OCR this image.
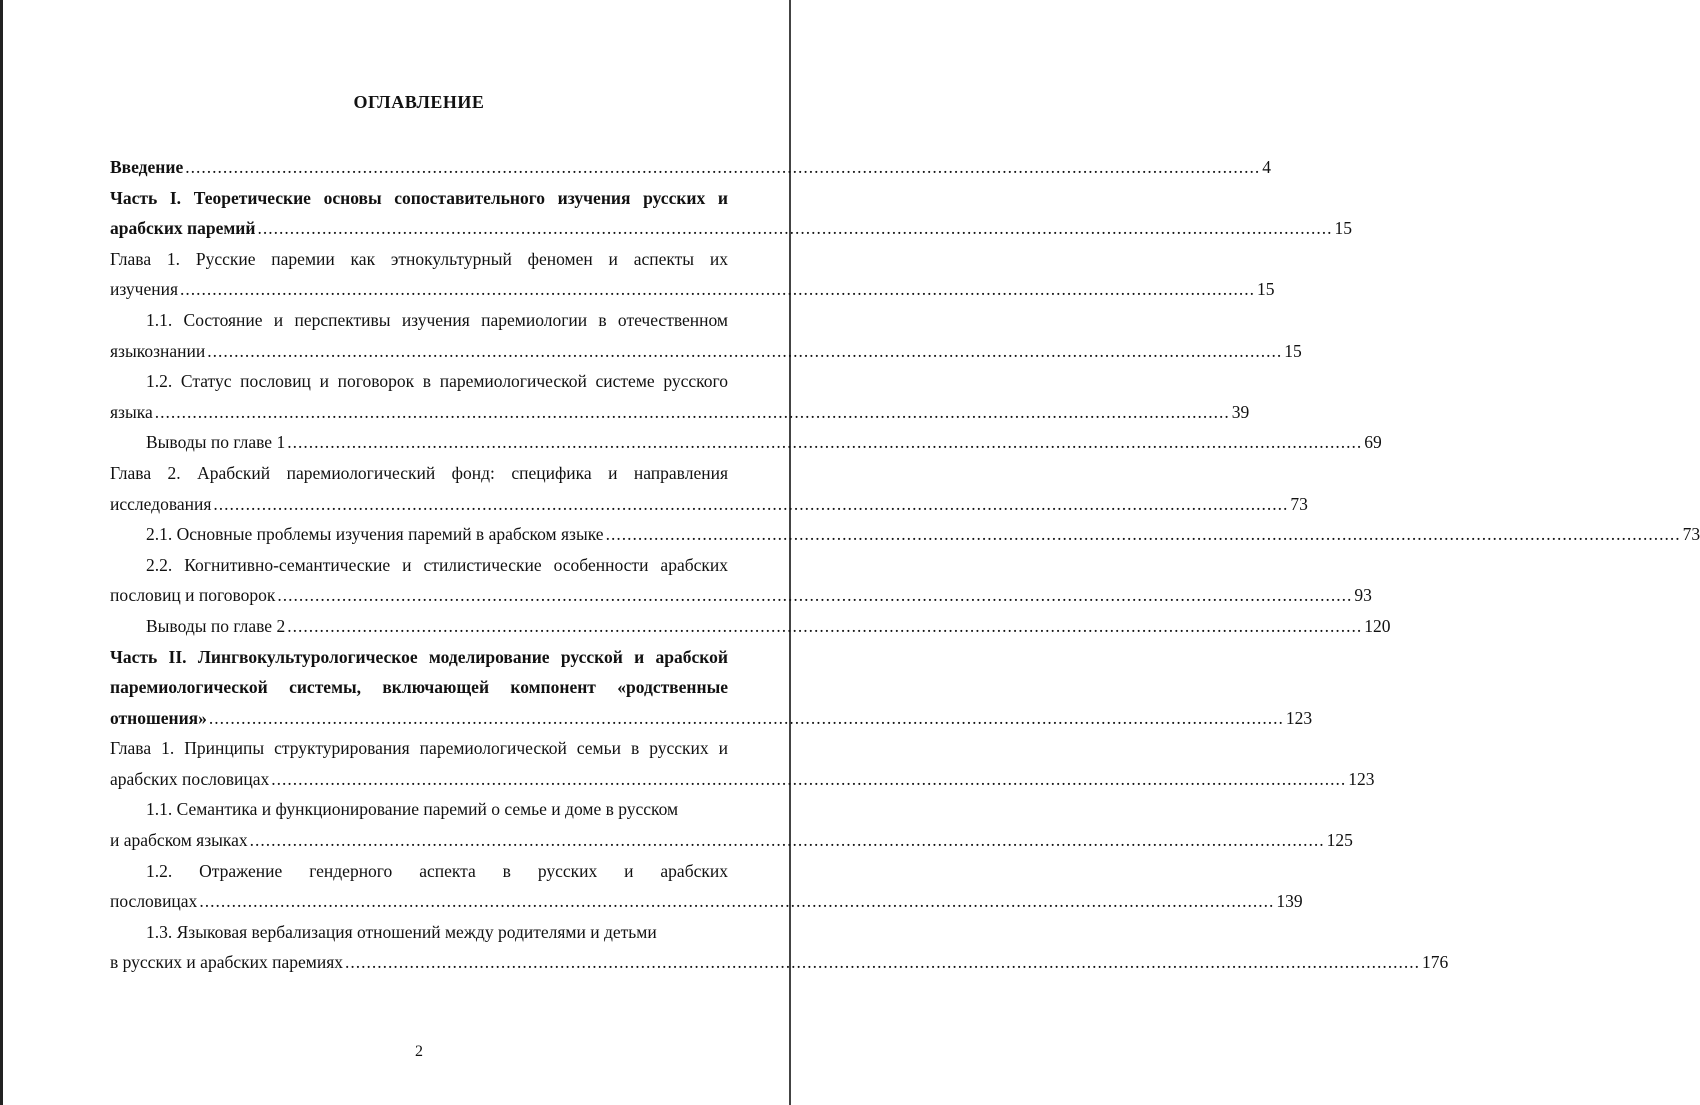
ОГЛАВЛЕНИЕ
Введение ........................................................................................................................................................................................................ 4
Часть I. Теоретические основы сопоставительного изучения русских и
арабских паремий ........................................................................................................................................................................................................ 15
Глава 1. Русские паремии как этнокультурный феномен и аспекты их
изучения ........................................................................................................................................................................................................ 15
1.1. Состояние и перспективы изучения паремиологии в отечественном
языкознании ........................................................................................................................................................................................................ 15
1.2. Статус пословиц и поговорок в паремиологической системе русского
языка ........................................................................................................................................................................................................ 39
Выводы по главе 1 ........................................................................................................................................................................................................ 69
Глава 2. Арабский паремиологический фонд: специфика и направления
исследования ........................................................................................................................................................................................................ 73
2.1. Основные проблемы изучения паремий в арабском языке ........................................................................................................................................................................................................ 73
2.2. Когнитивно-семантические и стилистические особенности арабских
пословиц и поговорок ........................................................................................................................................................................................................ 93
Выводы по главе 2 ........................................................................................................................................................................................................ 120
Часть II. Лингвокультурологическое моделирование русской и арабской
паремиологической системы, включающей компонент «родственные
отношения» ........................................................................................................................................................................................................ 123
Глава 1. Принципы структурирования паремиологической семьи в русских и
арабских пословицах ........................................................................................................................................................................................................ 123
1.1. Семантика и функционирование паремий о семье и доме в русском
и арабском языках ........................................................................................................................................................................................................ 125
1.2. Отражение гендерного аспекта в русских и арабских
пословицах ........................................................................................................................................................................................................ 139
1.3. Языковая вербализация отношений между родителями и детьми
в русских и арабских паремиях ........................................................................................................................................................................................................ 176
2
